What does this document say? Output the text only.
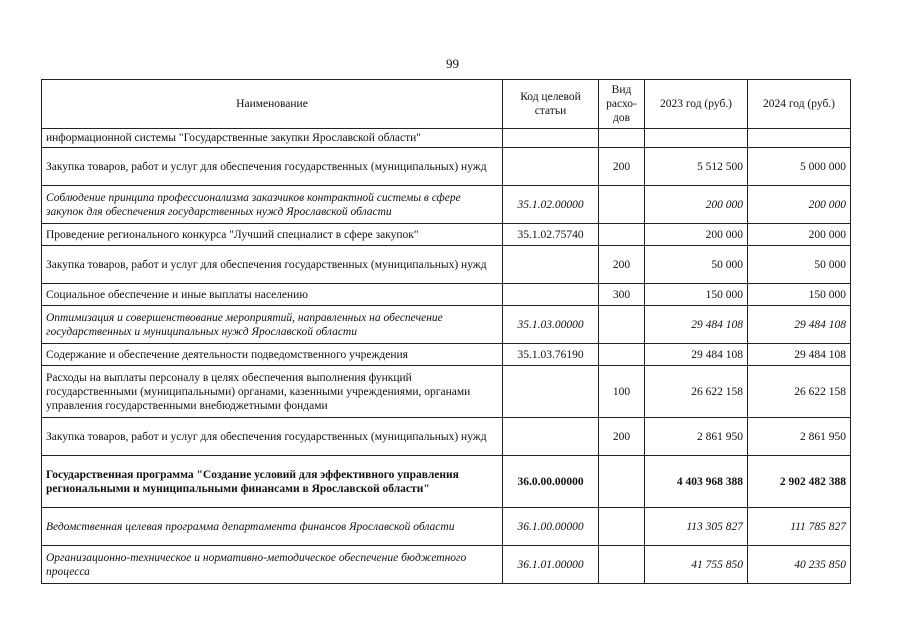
99
Наименование	Код целевой статьи	Вид расхо-дов	2023 год (руб.)	2024 год (руб.)
информационной системы "Государственные закупки Ярославской области"				
Закупка товаров, работ и услуг для обеспечения государственных (муниципальных) нужд		200	5 512 500	5 000 000
Соблюдение принципа профессионализма заказчиков контрактной системы в сфере закупок для обеспечения государственных нужд Ярославской области	35.1.02.00000		200 000	200 000
Проведение регионального конкурса "Лучший специалист в сфере закупок"	35.1.02.75740		200 000	200 000
Закупка товаров, работ и услуг для обеспечения государственных (муниципальных) нужд		200	50 000	50 000
Социальное обеспечение и иные выплаты населению		300	150 000	150 000
Оптимизация и совершенствование мероприятий, направленных на обеспечение государственных и муниципальных нужд Ярославской области	35.1.03.00000		29 484 108	29 484 108
Содержание и обеспечение деятельности подведомственного учреждения	35.1.03.76190		29 484 108	29 484 108
Расходы на выплаты персоналу в целях обеспечения выполнения функций государственными (муниципальными) органами, казенными учреждениями, органами управления государственными внебюджетными фондами		100	26 622 158	26 622 158
Закупка товаров, работ и услуг для обеспечения государственных (муниципальных) нужд		200	2 861 950	2 861 950
Государственная программа "Создание условий для эффективного управления региональными и муниципальными финансами в Ярославской области"	36.0.00.00000		4 403 968 388	2 902 482 388
Ведомственная целевая программа департамента финансов Ярославской области	36.1.00.00000		113 305 827	111 785 827
Организационно-техническое и нормативно-методическое обеспечение бюджетного процесса	36.1.01.00000		41 755 850	40 235 850
